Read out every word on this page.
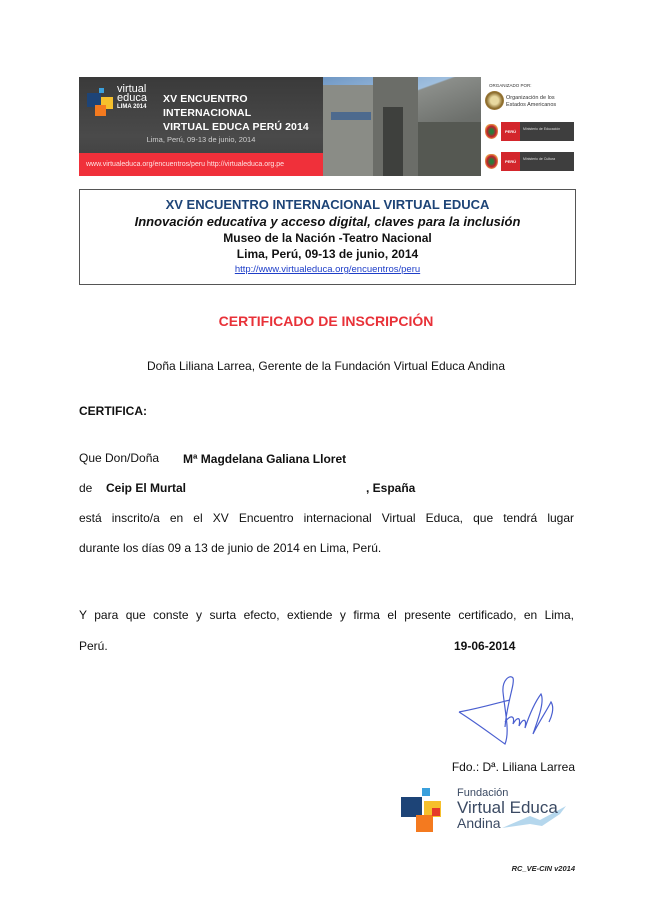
virtual
educa
LIMA 2014
XV ENCUENTRO INTERNACIONAL
VIRTUAL EDUCA PERÚ 2014
Lima, Perú, 09-13 de junio, 2014
www.virtualeduca.org/encuentros/peru http://virtualeduca.org.pe
ORGANIZADO POR:
Organización de los
Estados Americanos
PERÚ	Ministerio de Educación
PERÚ	Ministerio de Cultura
XV ENCUENTRO INTERNACIONAL VIRTUAL EDUCA
Innovación educativa y acceso digital, claves para la inclusión
Museo de la Nación -Teatro Nacional
Lima, Perú, 09-13 de junio, 2014
http://www.virtualeduca.org/encuentros/peru
CERTIFICADO DE INSCRIPCIÓN
Doña Liliana Larrea, Gerente de la Fundación Virtual Educa Andina
CERTIFICA:
Que Don/Doña Mª Magdelana Galiana Lloret
de Ceip El Murtal	, España
está inscrito/a en el XV Encuentro internacional Virtual Educa, que tendrá lugar
durante los días 09 a 13 de junio de 2014 en Lima, Perú.
Y para que conste y surta efecto, extiende y firma el presente certificado, en Lima,
Perú.	19-06-2014
Fdo.: Dª. Liliana Larrea
Fundación
Virtual Educa
Andina
RC_VE-CIN v2014
